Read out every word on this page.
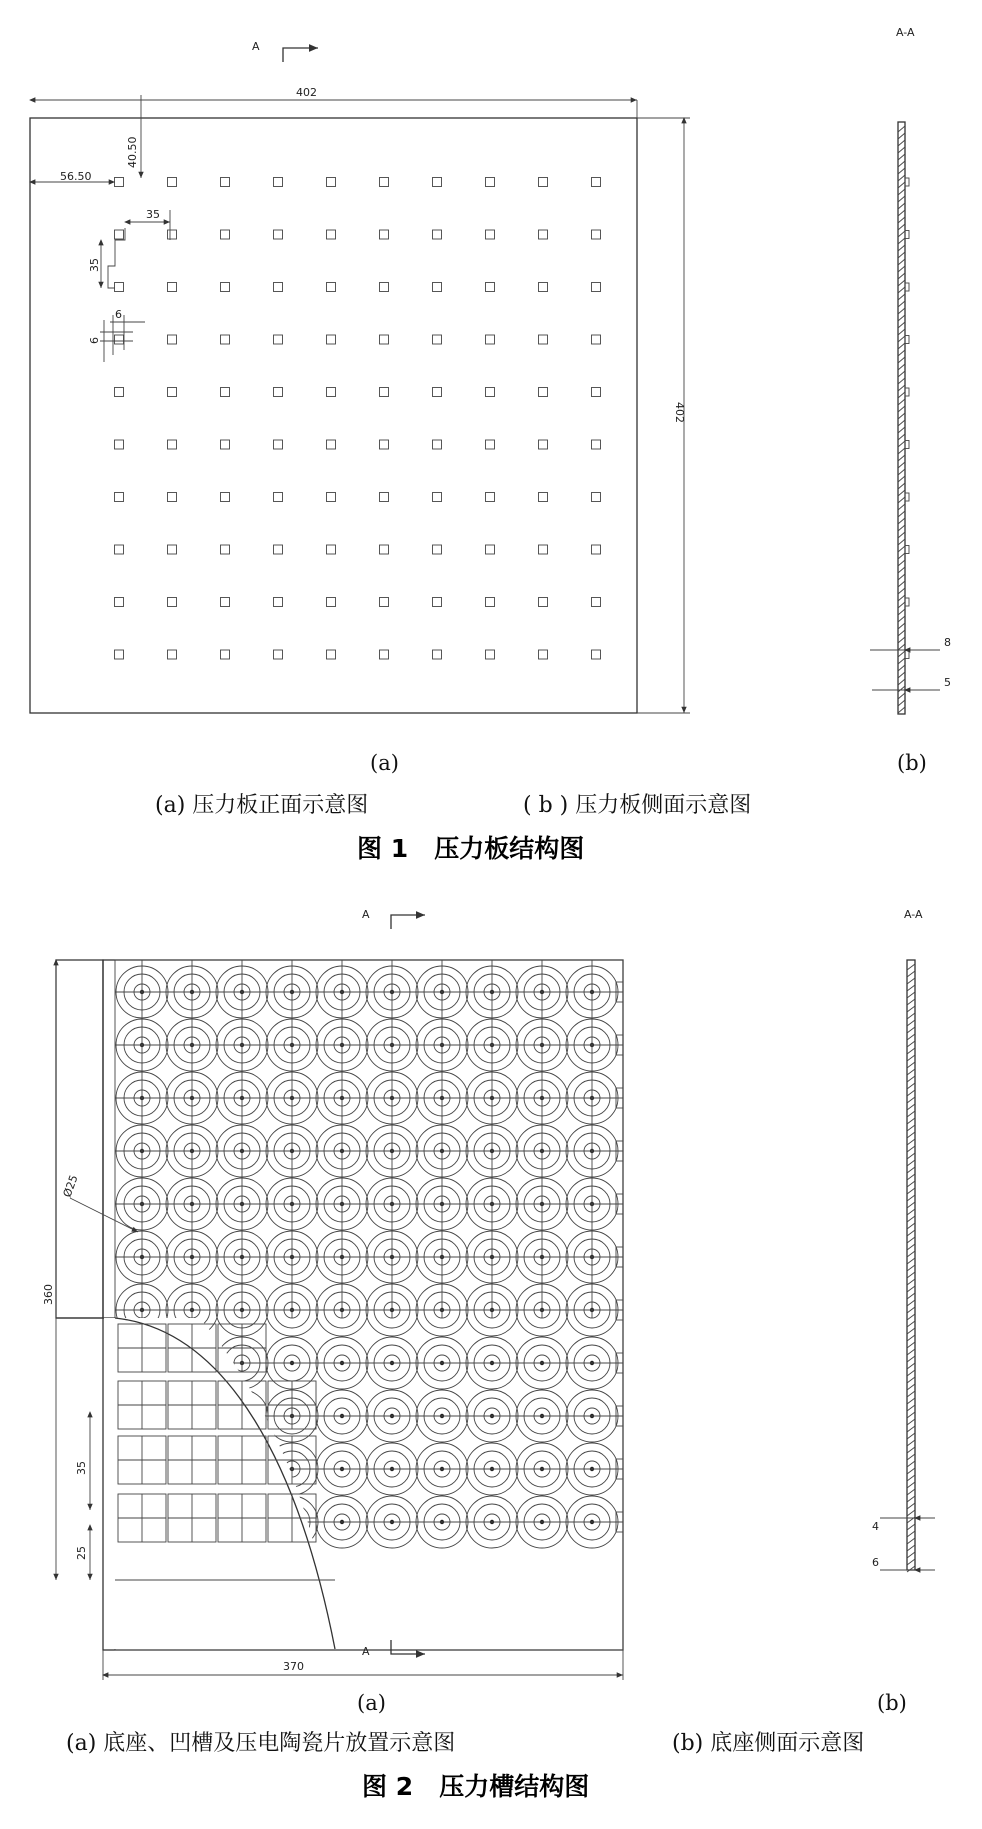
A
A-A
402
402
56.50
40.50
35
35
6
6
8
5
(a)	(b)
(a) 压力板正面示意图	( b ) 压力板侧面示意图
图 1   压力板结构图
A	A-A
360
Ø25
35
25
370
A
4
6
(a)	(b)
(a) 底座、凹槽及压电陶瓷片放置示意图	(b) 底座侧面示意图
图 2   压力槽结构图
